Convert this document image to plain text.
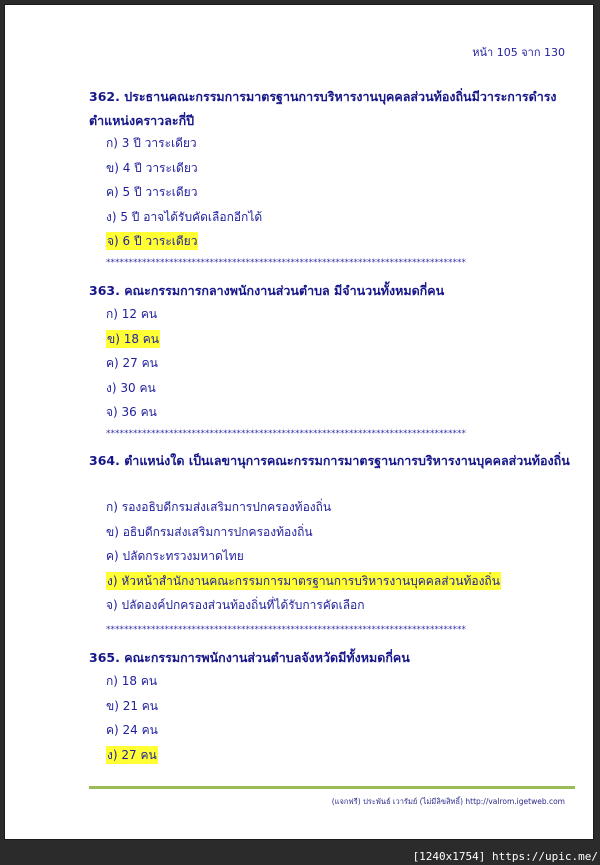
หน้า 105 จาก 130
362. ประธานคณะกรรมการมาตรฐานการบริหารงานบุคคลส่วนท้องถิ่นมีวาระการดำรงตำแหน่งคราวละกี่ปี
ก) 3 ปี วาระเดียว
ข) 4 ปี วาระเดียว
ค) 5 ปี วาระเดียว
ง) 5 ปี อาจได้รับคัดเลือกอีกได้
จ) 6 ปี วาระเดียว
********************************************************************************
363. คณะกรรมการกลางพนักงานส่วนตำบล มีจำนวนทั้งหมดกี่คน
ก) 12 คน
ข) 18 คน
ค) 27 คน
ง) 30 คน
จ) 36 คน
********************************************************************************
364. ตำแหน่งใด เป็นเลขานุการคณะกรรมการมาตรฐานการบริหารงานบุคคลส่วนท้องถิ่น
ก) รองอธิบดีกรมส่งเสริมการปกครองท้องถิ่น
ข) อธิบดีกรมส่งเสริมการปกครองท้องถิ่น
ค) ปลัดกระทรวงมหาดไทย
ง) หัวหน้าสำนักงานคณะกรรมการมาตรฐานการบริหารงานบุคคลส่วนท้องถิ่น
จ) ปลัดองค์ปกครองส่วนท้องถิ่นที่ได้รับการคัดเลือก
********************************************************************************
365. คณะกรรมการพนักงานส่วนตำบลจังหวัดมีทั้งหมดกี่คน
ก) 18 คน
ข) 21 คน
ค) 24 คน
ง) 27 คน
(แจกฟรี) ประพันธ์ เวารัมย์ (ไม่มีลิขสิทธิ์) http://valrom.igetweb.com
[1240x1754] https://upic.me/
